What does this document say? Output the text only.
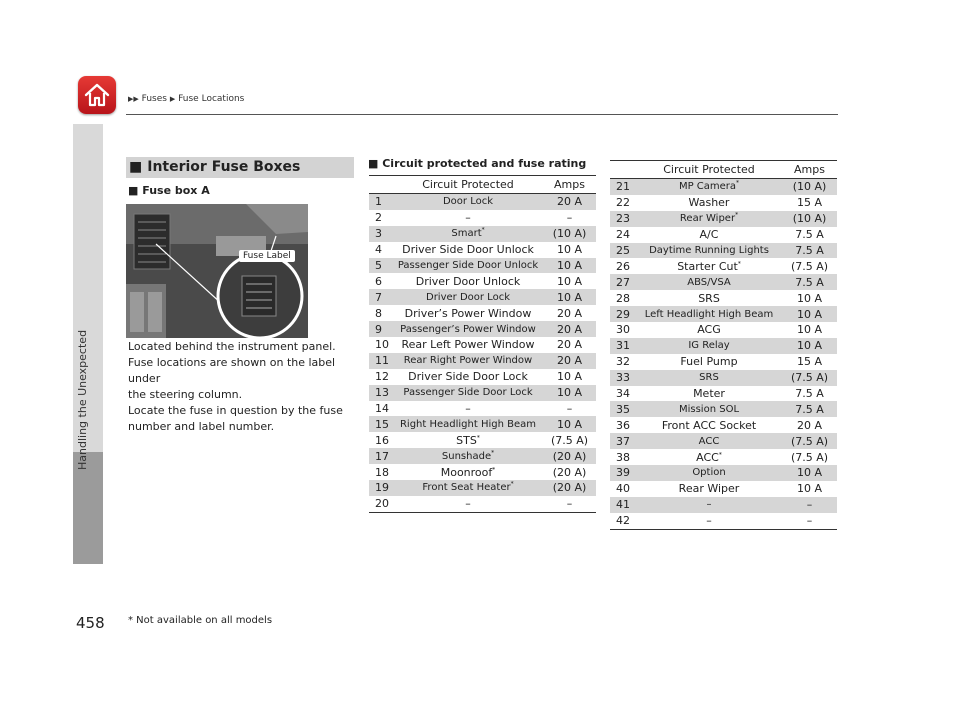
Handling the Unexpected
▶▶ Fuses ▶ Fuse Locations
■ Interior Fuse Boxes
■ Fuse box A
Fuse Label

Located behind the instrument panel.

Fuse locations are shown on the label under

the steering column.

Locate the fuse in question by the fuse

number and label number.

■ Circuit protected and fuse rating
	Circuit Protected	Amps
1	Door Lock	20 A
2	–	–
3	Smart*	(10 A)
4	Driver Side Door Unlock	10 A
5	Passenger Side Door Unlock	10 A
6	Driver Door Unlock	10 A
7	Driver Door Lock	10 A
8	Driver’s Power Window	20 A
9	Passenger’s Power Window	20 A
10	Rear Left Power Window	20 A
11	Rear Right Power Window	20 A
12	Driver Side Door Lock	10 A
13	Passenger Side Door Lock	10 A
14	–	–
15	Right Headlight High Beam	10 A
16	STS*	(7.5 A)
17	Sunshade*	(20 A)
18	Moonroof*	(20 A)
19	Front Seat Heater*	(20 A)
20	–	–
	Circuit Protected	Amps
21	MP Camera*	(10 A)
22	Washer	15 A
23	Rear Wiper*	(10 A)
24	A/C	7.5 A
25	Daytime Running Lights	7.5 A
26	Starter Cut*	(7.5 A)
27	ABS/VSA	7.5 A
28	SRS	10 A
29	Left Headlight High Beam	10 A
30	ACG	10 A
31	IG Relay	10 A
32	Fuel Pump	15 A
33	SRS	(7.5 A)
34	Meter	7.5 A
35	Mission SOL	7.5 A
36	Front ACC Socket	20 A
37	ACC	(7.5 A)
38	ACC*	(7.5 A)
39	Option	10 A
40	Rear Wiper	10 A
41	–	–
42	–	–
458 * Not available on all models
